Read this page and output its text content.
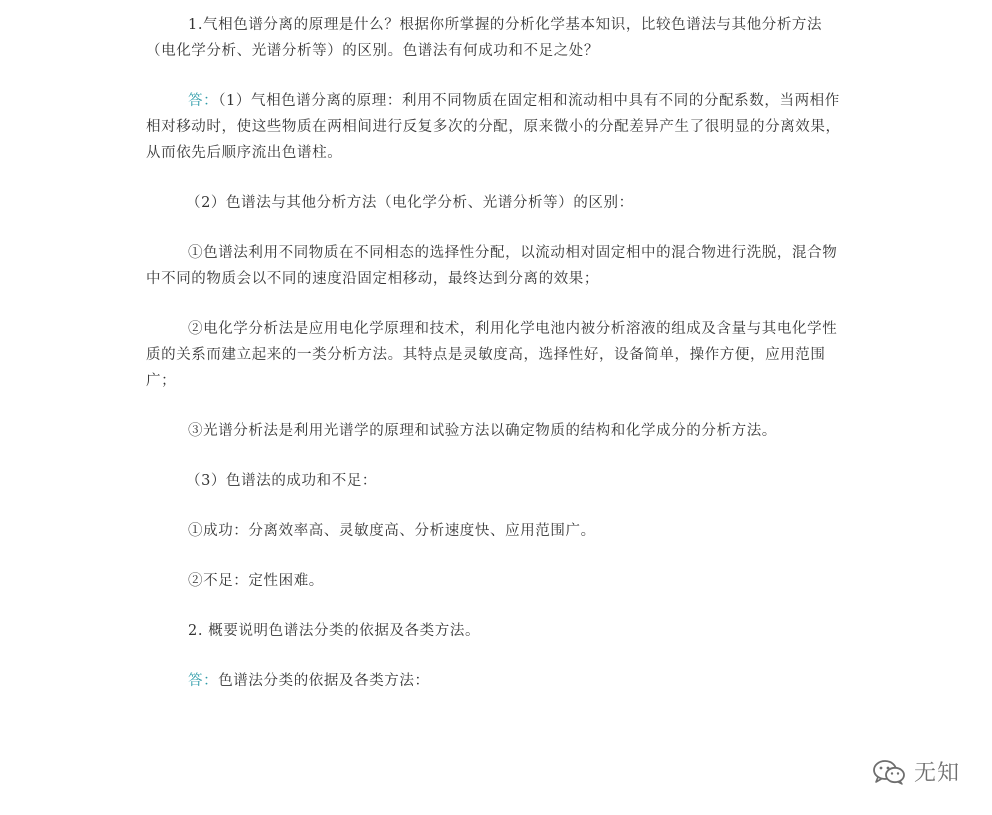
1.气相色谱分离的原理是什么？根据你所掌握的分析化学基本知识，比较色谱法与其他分析方法（电化学分析、光谱分析等）的区别。色谱法有何成功和不足之处？

答：（1）气相色谱分离的原理：利用不同物质在固定相和流动相中具有不同的分配系数，当两相作相对移动时，使这些物质在两相间进行反复多次的分配，原来微小的分配差异产生了很明显的分离效果，从而依先后顺序流出色谱柱。

（2）色谱法与其他分析方法（电化学分析、光谱分析等）的区别：

①色谱法利用不同物质在不同相态的选择性分配，以流动相对固定相中的混合物进行洗脱，混合物中不同的物质会以不同的速度沿固定相移动，最终达到分离的效果；

②电化学分析法是应用电化学原理和技术，利用化学电池内被分析溶液的组成及含量与其电化学性质的关系而建立起来的一类分析方法。其特点是灵敏度高，选择性好，设备简单，操作方便，应用范围广；

③光谱分析法是利用光谱学的原理和试验方法以确定物质的结构和化学成分的分析方法。

（3）色谱法的成功和不足：

①成功：分离效率高、灵敏度高、分析速度快、应用范围广。

②不足：定性困难。

2. 概要说明色谱法分类的依据及各类方法。

答：色谱法分类的依据及各类方法：

无知
